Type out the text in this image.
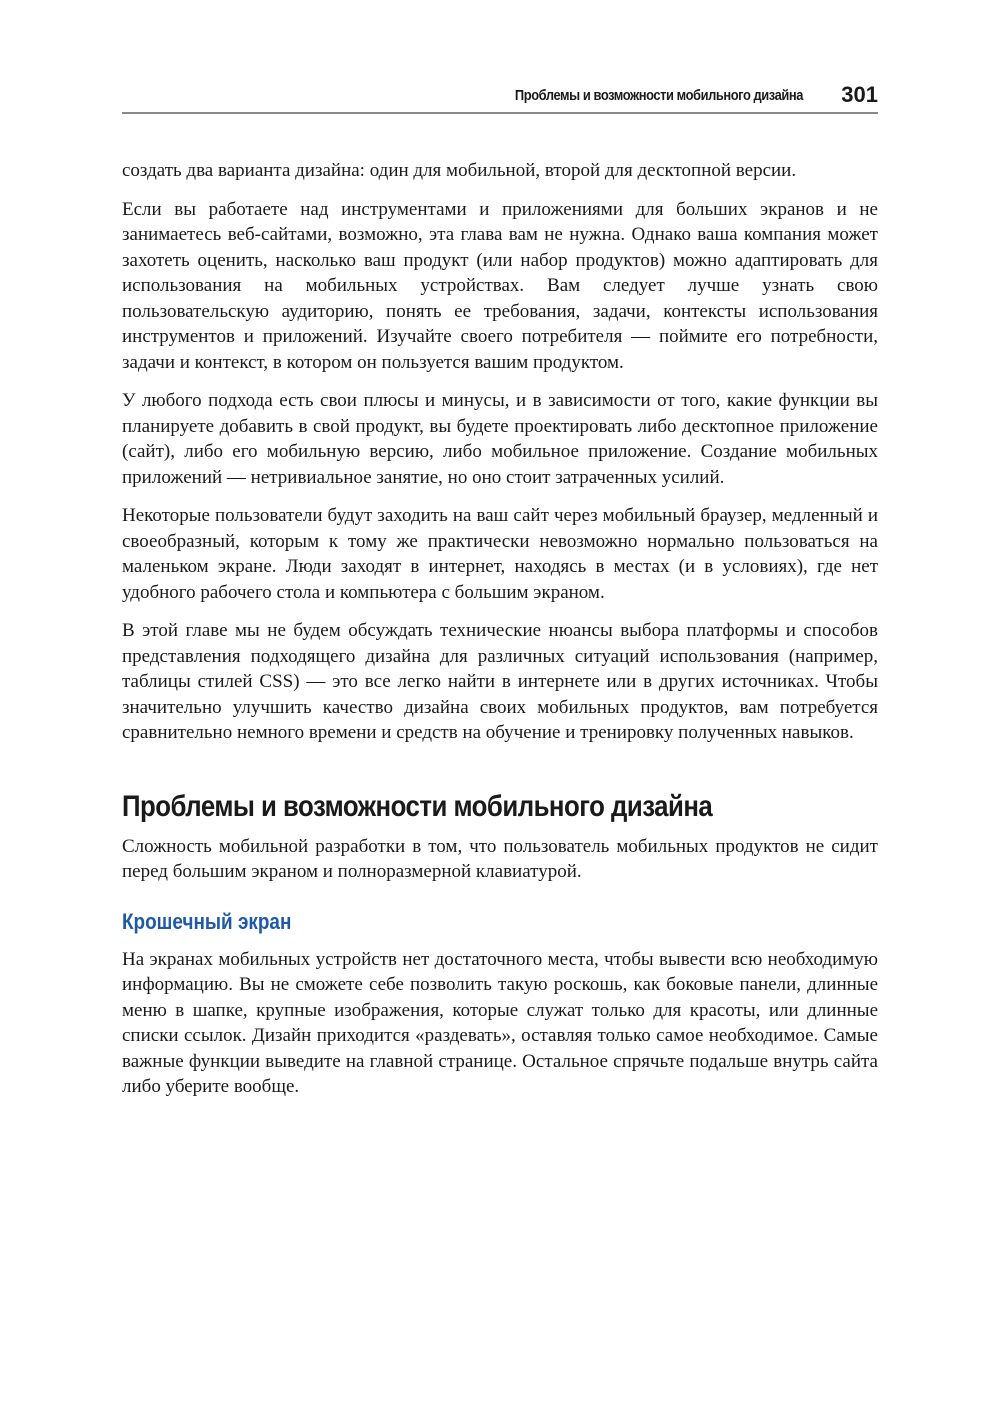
Проблемы и возможности мобильного дизайна 301

создать два варианта дизайна: один для мобильной, второй для десктопной версии.

Если вы работаете над инструментами и приложениями для больших экранов и не занимаетесь веб-сайтами, возможно, эта глава вам не нужна. Однако ваша компания может захотеть оценить, насколько ваш продукт (или набор продуктов) можно адаптировать для использования на мобильных устройствах. Вам следует лучше узнать свою пользовательскую аудиторию, понять ее требования, задачи, контексты использования инструментов и приложений. Изучайте своего потребителя — поймите его потребности, задачи и контекст, в котором он пользуется вашим продуктом.

У любого подхода есть свои плюсы и минусы, и в зависимости от того, какие функции вы планируете добавить в свой продукт, вы будете проектировать либо десктопное приложение (сайт), либо его мобильную версию, либо мобильное приложение. Создание мобильных приложений — нетривиальное занятие, но оно стоит затраченных усилий.

Некоторые пользователи будут заходить на ваш сайт через мобильный браузер, медленный и своеобразный, которым к тому же практически невозможно нормально пользоваться на маленьком экране. Люди заходят в интернет, находясь в местах (и в условиях), где нет удобного рабочего стола и компьютера с большим экраном.

В этой главе мы не будем обсуждать технические нюансы выбора платформы и способов представления подходящего дизайна для различных ситуаций использования (например, таблицы стилей CSS) — это все легко найти в интернете или в других источниках. Чтобы значительно улучшить качество дизайна своих мобильных продуктов, вам потребуется сравнительно немного времени и средств на обучение и тренировку полученных навыков.

Проблемы и возможности мобильного дизайна

Сложность мобильной разработки в том, что пользователь мобильных продуктов не сидит перед большим экраном и полноразмерной клавиатурой.

Крошечный экран

На экранах мобильных устройств нет достаточного места, чтобы вывести всю необходимую информацию. Вы не сможете себе позволить такую роскошь, как боковые панели, длинные меню в шапке, крупные изображения, которые служат только для красоты, или длинные списки ссылок. Дизайн приходится «раздевать», оставляя только самое необходимое. Самые важные функции выведите на главной странице. Остальное спрячьте подальше внутрь сайта либо уберите вообще.
